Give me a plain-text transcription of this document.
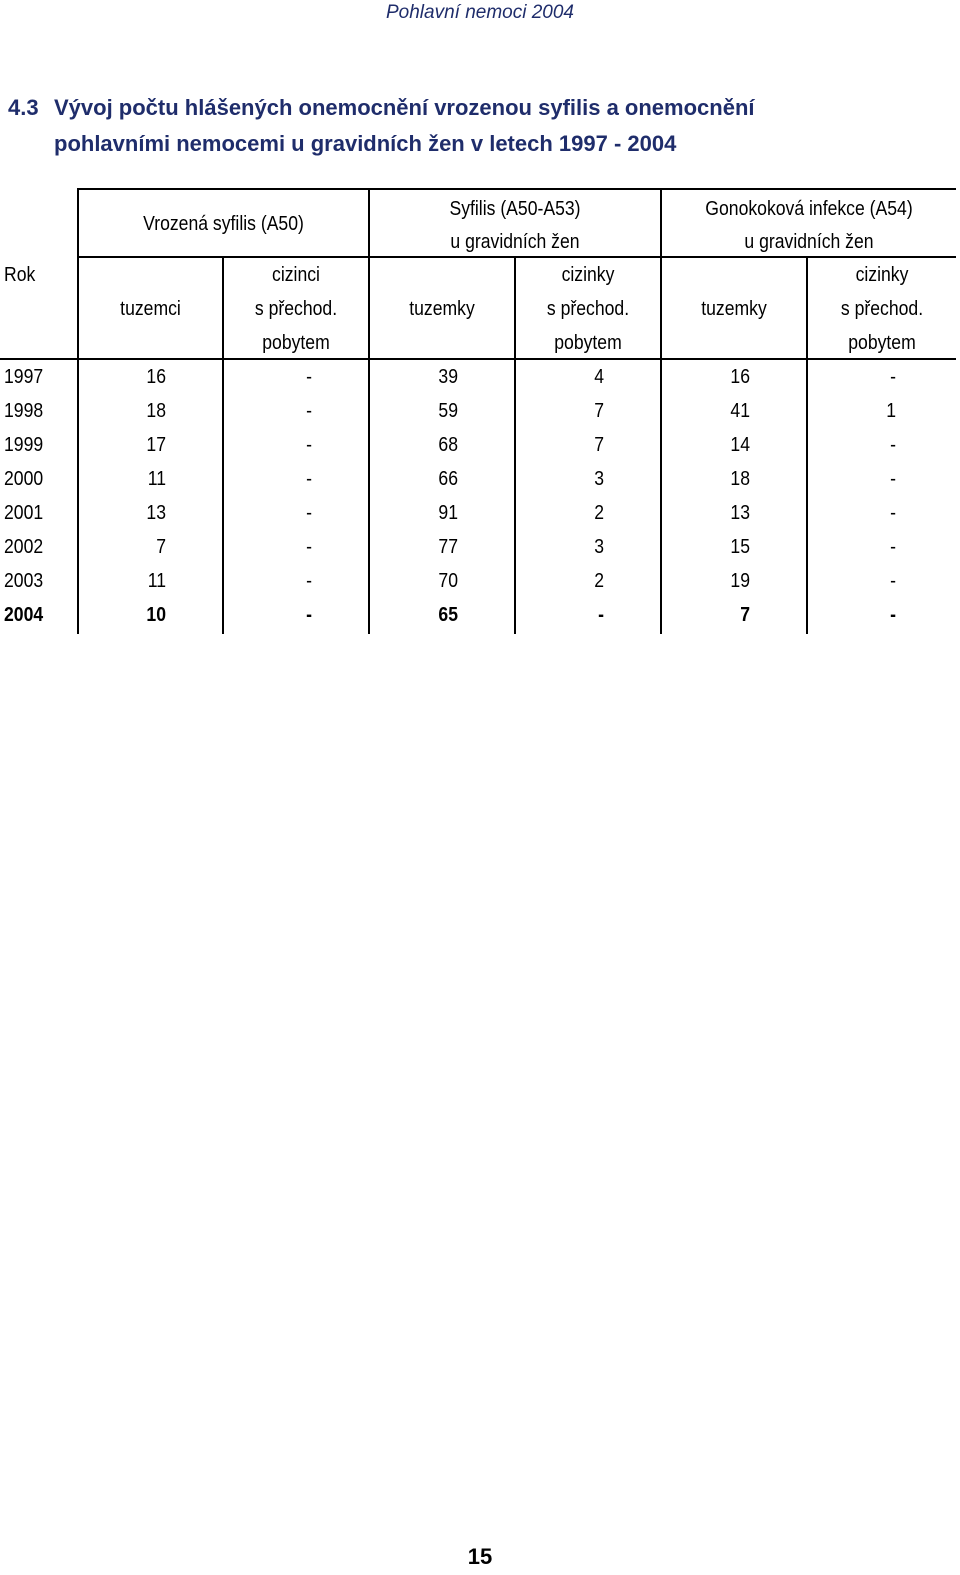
Pohlavní nemoci 2004
4.3 Vývoj počtu hlášených onemocnění vrozenou syfilis a onemocnění
pohlavními nemocemi u gravidních žen v letech 1997 - 2004
Vrozená syfilis (A50)
Syfilis (A50-A53)
u gravidních žen
Gonokoková infekce (A54)
u gravidních žen
Rok
tuzemci
cizinci
s přechod.
pobytem
tuzemky
cizinky
s přechod.
pobytem
tuzemky
cizinky
s přechod.
pobytem
1997	16	-	39	4	16	-
1998	18	-	59	7	41	1
1999	17	-	68	7	14	-
2000	11	-	66	3	18	-
2001	13	-	91	2	13	-
2002	7	-	77	3	15	-
2003	11	-	70	2	19	-
2004	10	-	65	-	7	-
15
